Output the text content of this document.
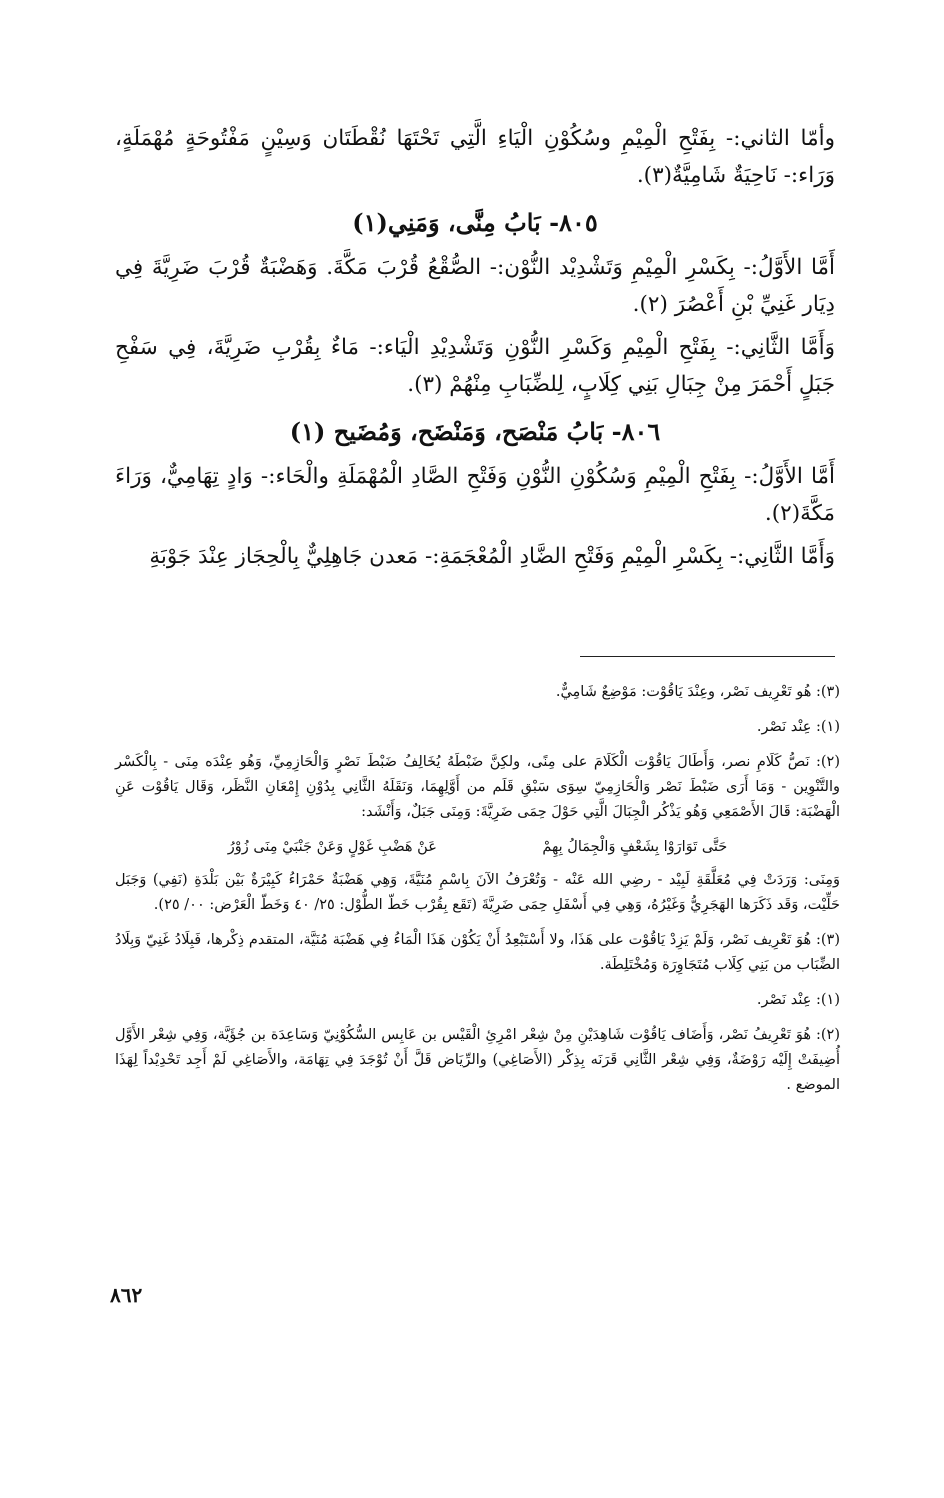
وأمّا الثاني:- بِفَتْحِ الْمِيْمِ وسُكُوْنِ الْيَاءِ الَّتِي تَحْتَهَا نُقْطَتَان وَسِيْنٍ مَفْتُوحَةٍ مُهْمَلَةٍ، وَرَاء:- نَاحِيَةٌ شَامِيَّةٌ(٣).

٨٠٥- بَابُ مِنَّى، وَمَنِي(١)

أَمَّا الأَوَّلُ:- بِكَسْرِ الْمِيْمِ وَتَشْدِيْد النُّوْن:- الصُّقْعُ قُرْبَ مَكَّةَ. وَهَضْبَةٌ قُرْبَ ضَرِيَّةَ فِي دِيَار غَنِيِّ بْنِ أَعْصُرَ (٢).

وَأَمَّا الثَّانِي:- بِفَتْحِ الْمِيْمِ وَكَسْرِ النُّوْنِ وَتَشْدِيْدِ الْيَاء:- مَاءٌ بِقُرْبِ ضَرِيَّةَ، فِي سَفْحِ جَبَلٍ أَحْمَرَ مِنْ جِبَالِ بَنِي كِلَابٍ، لِلضِّبَابِ مِنْهُمْ (٣).

٨٠٦- بَابُ مَنْصَح، وَمَنْضَح، وَمُضَيح (١)

أَمَّا الأَوَّلُ:- بِفَتْحِ الْمِيْمِ وَسُكُوْنِ النُّوْنِ وَفَتْحِ الصَّادِ الْمُهْمَلَةِ والْحَاء:- وَادٍ تِهَامِيٌّ، وَرَاءَ مَكَّةَ(٢).

وَأَمَّا الثَّانِي:- بِكَسْرِ الْمِيْمِ وَفَتْحِ الضَّادِ الْمُعْجَمَةِ:- مَعدن جَاهِلِيٌّ بِالْحِجَاز عِنْدَ جَوْبَةِ

(٣): هُو تَعْرِيف نَصْر، وعِنْدَ يَاقُوْت: مَوْضِعٌ شَامِيٌّ.

(١): عِنْد نَصْر.

(٢): نَصُّ كَلَامِ نصر، وَأَطَالَ يَاقُوْت الْكَلَامَ على مِنًى، ولكِنَّ ضَبْطَهُ يُخَالِفُ ضَبْطَ نَصْرٍ وَالْحَازِمِيِّ، وَهُو عِنْدَه مِنَى - بِالْكَسْر والتَّنْوِين - وَمَا أَرَى ضَبْطَ نَصْر وَالْحَازِمِيّ سِوَى سَبْقِ قَلَم من أَوَّلِهِمَا، وَنَقَلَهُ الثَّانِي بِدُوْنِ إِمْعَانِ النَّظَر، وَقَال يَاقُوْت عَنِ الْهَضْبَة: قَالَ الأَصْمَعِي وَهُو يَذْكُر الْجِبَالَ الَّتِي حَوْلَ حِمَى ضَرِيَّةَ: وَمِنَى جَبَلٌ، وَأَنْشَد:

حَتَّى تَوَارَوْا بِشَعْفٍ وَالْجِمَالُ بِهِمْ
عَنْ هَضْبِ غَوْلٍ وَعَنْ جَنْبَيْ مِنَى زُوْرُ

وَمِنَى: وَرَدَتْ فِي مُعَلَّقَةِ لَبِيْد - رضِي الله عَنْه - وَتُعْرَفُ الآنَ بِاسْمِ مُنَيَّةَ، وَهِي هَضْبَةٌ حَمْرَاءُ كَبِيْرَةٌ بَيْن بَلْدَةِ (نَفِي) وَجَبَل حَلِّيْت، وَقَد ذَكَرَها الهَجَرِيُّ وَغَيْرُهُ، وَهِي فِي أَسْفَلِ حِمَى ضَرِيَّةَ (تَقَع بِقُرْب خَطّ الطُّوْل: ٢٥/ ٤٠ وَخَطّ الْعَرْض: ٠٠/ ٢٥).

(٣): هُوَ تَعْرِيف نَصْر، وَلَمْ يَزِدْ يَاقُوْت على هَذَا، ولا أَسْتَبْعِدُ أَنْ يَكُوْن هَذَا الْمَاءُ فِي هَضْبَة مُنَيَّة، المتقدم ذِكْرها، فَبِلَادُ غَنِيّ وَبِلَادُ الضِّبَاب من بَنِي كِلَاب مُتَجَاوِرَة وَمُخْتَلِطَة.

(١): عِنْد نَصْر.

(٢): هُوَ تَعْرِيفُ نَصْر، وَأَضَاف يَاقُوْت شَاهِدَيْنِ مِنْ شِعْر امْرِئِ الْقَيْس بن عَابِس السُّكُوْنِيّ وَسَاعِدَة بن جُؤَيَّة، وَفِي شِعْر الأَوَّل أُضِيفَتْ إِلَيْه رَوْضَةٌ، وَفِي شِعْر الثَّانِي قَرَنَه بِذِكْر (الأَصَاغِي) والرِّيَاض قَلَّ أَنْ تُوْجَدَ فِي تِهَامَة، والأَصَاغِي لَمْ أَجِد تَحْدِيْداً لِهَذَا الموضع .

٨٦٢
